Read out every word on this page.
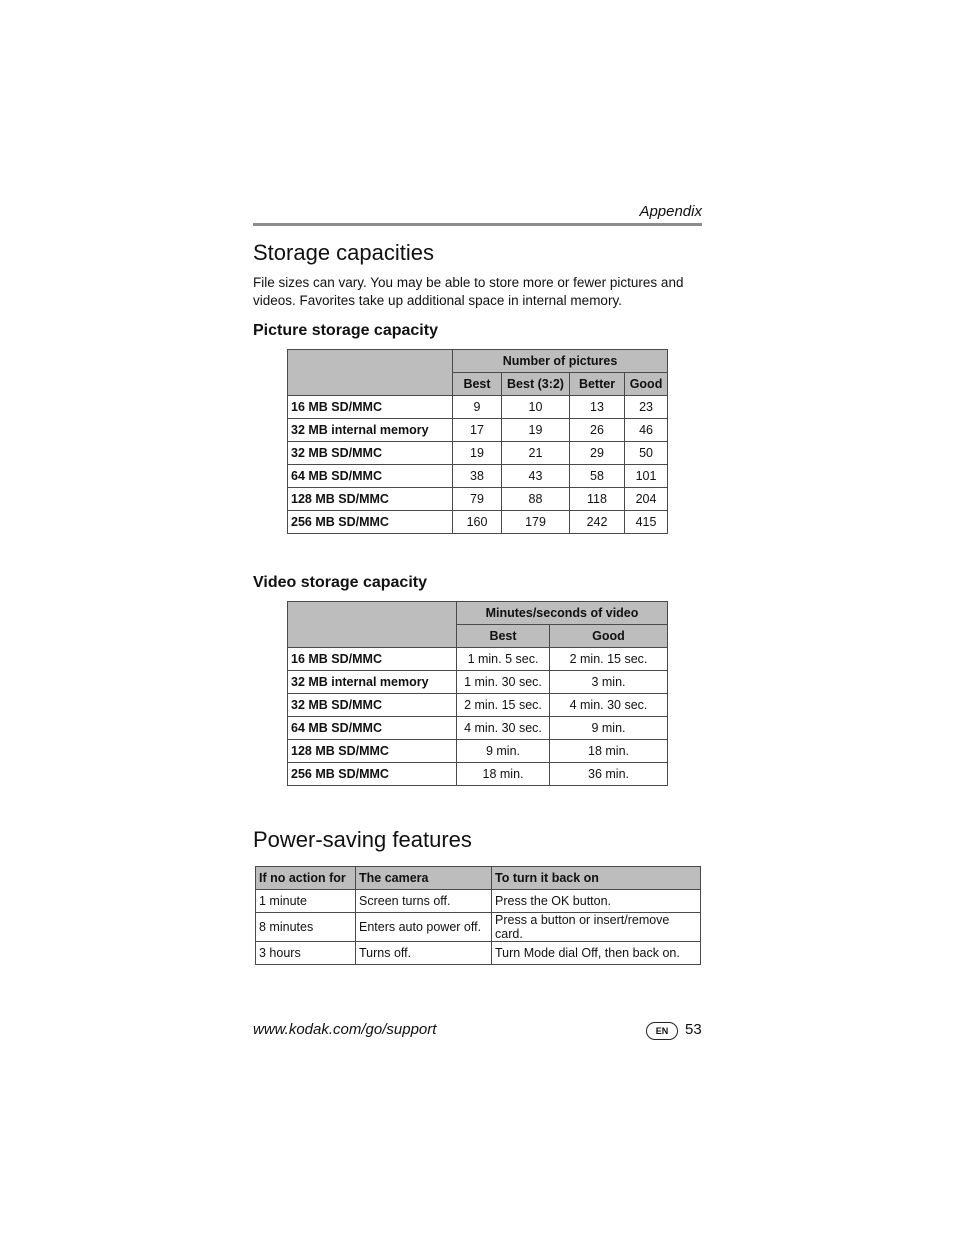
Appendix
Storage capacities

File sizes can vary. You may be able to store more or fewer pictures and videos. Favorites take up additional space in internal memory.

Picture storage capacity
	Number of pictures			
	Best	Best (3:2)	Better	Good
16 MB SD/MMC	9	10	13	23
32 MB internal memory	17	19	26	46
32 MB SD/MMC	19	21	29	50
64 MB SD/MMC	38	43	58	101
128 MB SD/MMC	79	88	118	204
256 MB SD/MMC	160	179	242	415
Video storage capacity
	Minutes/seconds of video	
	Best	Good
16 MB SD/MMC	1 min. 5 sec.	2 min. 15 sec.
32 MB internal memory	1 min. 30 sec.	3 min.
32 MB SD/MMC	2 min. 15 sec.	4 min. 30 sec.
64 MB SD/MMC	4 min. 30 sec.	9 min.
128 MB SD/MMC	9 min.	18 min.
256 MB SD/MMC	18 min.	36 min.
Power-saving features
If no action for	The camera	To turn it back on
1 minute	Screen turns off.	Press the OK button.
8 minutes	Enters auto power off.	Press a button or insert/remove card.
3 hours	Turns off.	Turn Mode dial Off, then back on.
www.kodak.com/go/support	EN	53
